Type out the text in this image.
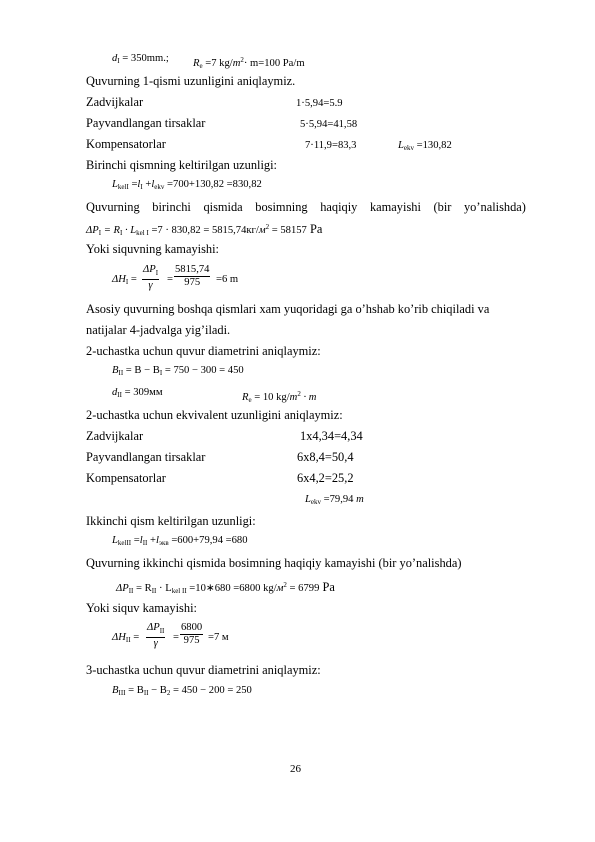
$d_I = 350mm$.; $R_e =7$ $kg/m^2\cdot m=100$ Pa/m
Quvurning 1-qismi uzunligini aniqlaymiz.
Zadvijkalar	1·5,94=5.9
Payvandlangan tirsaklar	5·5,94=41,58
Kompensatorlar	7·11,9=83,3	$L_{ekv} =130,82$
Birinchi qismning keltirilgan uzunligi:
$L_{kelI} =l_I +l_{ekv} =700+130,82 =830,82$
Quvurning birinchi qismida bosimning haqiqiy kamayishi (bir yo’nalishda)
$\Delta P_I = R_I \cdot L_{kel I} =7 \cdot 830,82 = 5815,74кг/м^2 = 58157$ Pa
Yoki siquvning kamayishi:
$\Delta H_I$ =
$\Delta P_I$
γ
= $\frac{5815,74}{975} =6$ m
Asosiy quvurning boshqa qismlari xam yuqoridagi ga o’hshab ko’rib chiqiladi va
natijalar 4-jadvalga yig’iladi.
2-uchastka uchun quvur diametrini aniqlaymiz:
$B_{II} = B - B_I = 750 - 300 = 450$
$d_{II} = 309мм$	$R_e = 10$ $kg/m^2 \cdot m$
2-uchastka uchun ekvivalent uzunligini aniqlaymiz:
Zadvijkalar	1x4,34=4,34
Payvandlangan tirsaklar	6x8,4=50,4
Kompensatorlar	6x4,2=25,2
$L_{ekv} =79,94$ m
Ikkinchi qism keltirilgan uzunligi:
$L_{kelII} =l_{II} +l_{экв} =600+79,94 =680$
Quvurning ikkinchi qismida bosimning haqiqiy kamayishi (bir yo’nalishda)
$\Delta P_{II} = R_{II} \cdot L_{kel II}$ =10∗680 =6800 $kg/м^2 = 6799$ Pa
Yoki siquv kamayishi:
$\Delta H_{II}$ =
$\Delta P_{II}$
γ
= $\frac{6800}{975} =7$ м
3-uchastka uchun quvur diametrini aniqlaymiz:
$B_{III} = B_{II} - B_2 = 450 - 200 = 250$
26
